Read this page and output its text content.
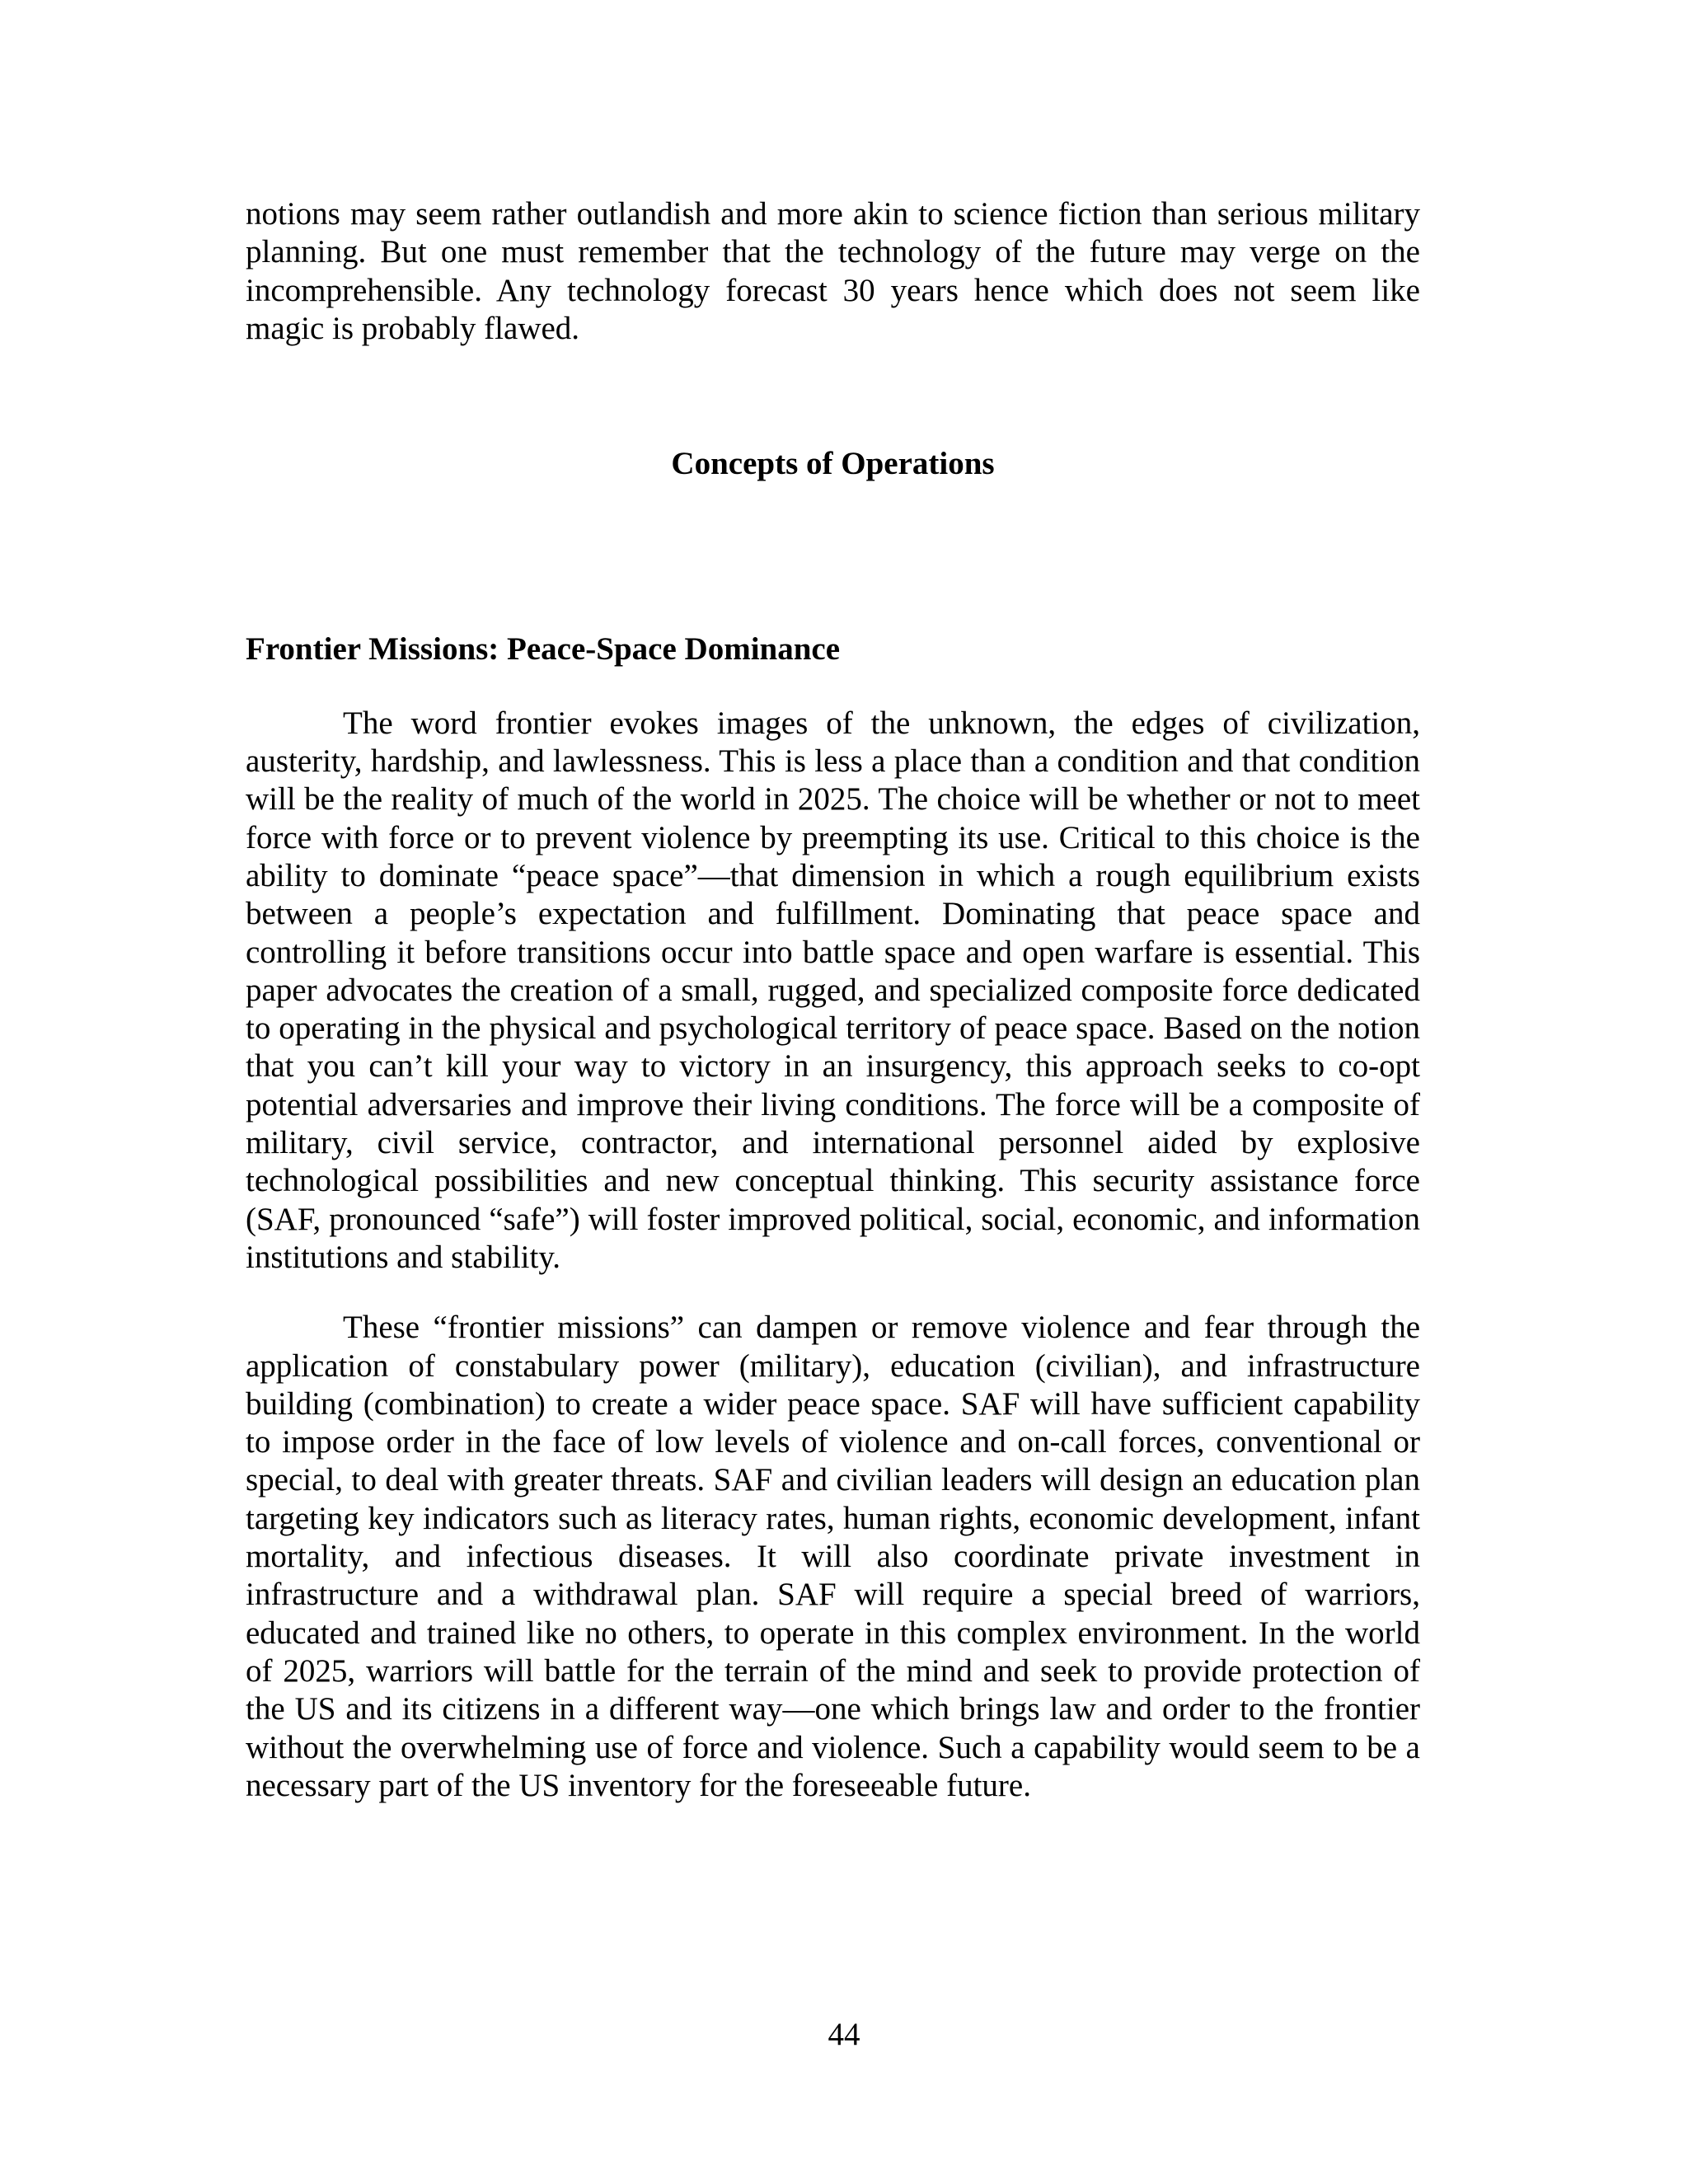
notions may seem rather outlandish and more akin to science fiction than serious military planning. But one must remember that the technology of the future may verge on the incomprehensible. Any technology forecast 30 years hence which does not seem like magic is probably flawed.

Concepts of Operations

Frontier Missions: Peace-Space Dominance

The word frontier evokes images of the unknown, the edges of civilization, austerity, hardship, and lawlessness. This is less a place than a condition and that condition will be the reality of much of the world in 2025. The choice will be whether or not to meet force with force or to prevent violence by preempting its use. Critical to this choice is the ability to dominate “peace space”—that dimension in which a rough equilibrium exists between a people’s expectation and fulfillment. Dominating that peace space and controlling it before transitions occur into battle space and open warfare is essential. This paper advocates the creation of a small, rugged, and specialized composite force dedicated to operating in the physical and psychological territory of peace space. Based on the notion that you can’t kill your way to victory in an insurgency, this approach seeks to co-opt potential adversaries and improve their living conditions. The force will be a composite of military, civil service, contractor, and international personnel aided by explosive technological possibilities and new conceptual thinking. This security assistance force (SAF, pronounced “safe”) will foster improved political, social, economic, and information institutions and stability.

These “frontier missions” can dampen or remove violence and fear through the application of constabulary power (military), education (civilian), and infrastructure building (combination) to create a wider peace space. SAF will have sufficient capability to impose order in the face of low levels of violence and on-call forces, conventional or special, to deal with greater threats. SAF and civilian leaders will design an education plan targeting key indicators such as literacy rates, human rights, economic development, infant mortality, and infectious diseases. It will also coordinate private investment in infrastructure and a withdrawal plan. SAF will require a special breed of warriors, educated and trained like no others, to operate in this complex environment. In the world of 2025, warriors will battle for the terrain of the mind and seek to provide protection of the US and its citizens in a different way—one which brings law and order to the frontier without the overwhelming use of force and violence. Such a capability would seem to be a necessary part of the US inventory for the foreseeable future.

44
